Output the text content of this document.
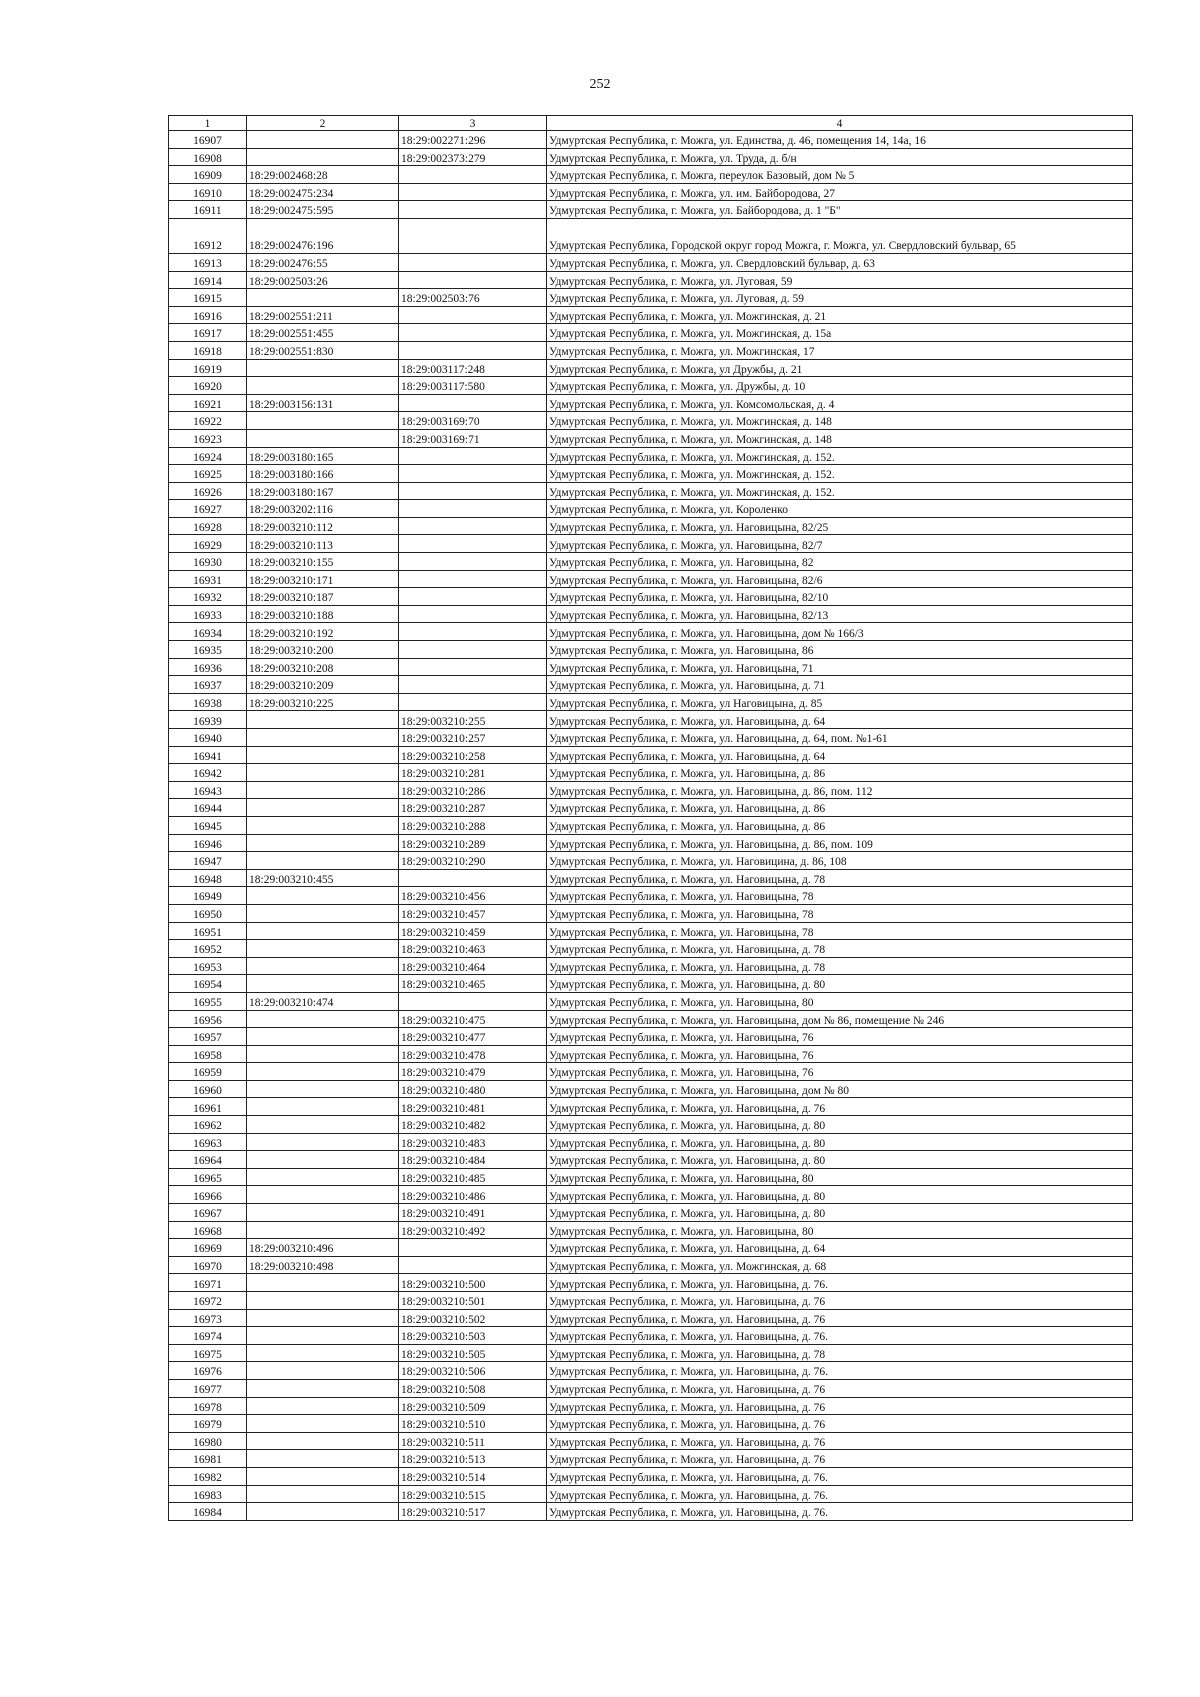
252
1	2	3	4
16907		18:29:002271:296	Удмуртская Республика, г. Можга, ул. Единства, д. 46, помещения 14, 14а, 16
16908		18:29:002373:279	Удмуртская Республика, г. Можга, ул. Труда, д. б/н
16909	18:29:002468:28		Удмуртская Республика, г. Можга, переулок Базовый, дом № 5
16910	18:29:002475:234		Удмуртская Республика, г. Можга, ул. им. Байбородова, 27
16911	18:29:002475:595		Удмуртская Республика, г. Можга, ул. Байбородова, д. 1 "Б"
16912	18:29:002476:196		Удмуртская Республика, Городской округ город Можга, г. Можга, ул. Свердловский бульвар, 65
16913	18:29:002476:55		Удмуртская Республика, г. Можга, ул. Свердловский бульвар, д. 63
16914	18:29:002503:26		Удмуртская Республика, г. Можга, ул. Луговая, 59
16915		18:29:002503:76	Удмуртская Республика, г. Можга, ул. Луговая, д. 59
16916	18:29:002551:211		Удмуртская Республика, г. Можга, ул. Можгинская, д. 21
16917	18:29:002551:455		Удмуртская Республика, г. Можга, ул. Можгинская, д. 15а
16918	18:29:002551:830		Удмуртская Республика, г. Можга, ул. Можгинская, 17
16919		18:29:003117:248	Удмуртская Республика, г. Можга, ул Дружбы, д. 21
16920		18:29:003117:580	Удмуртская Республика, г. Можга, ул. Дружбы, д. 10
16921	18:29:003156:131		Удмуртская Республика, г. Можга, ул. Комсомольская, д. 4
16922		18:29:003169:70	Удмуртская Республика, г. Можга, ул. Можгинская, д. 148
16923		18:29:003169:71	Удмуртская Республика, г. Можга, ул. Можгинская, д. 148
16924	18:29:003180:165		Удмуртская Республика, г. Можга, ул. Можгинская, д. 152.
16925	18:29:003180:166		Удмуртская Республика, г. Можга, ул. Можгинская, д. 152.
16926	18:29:003180:167		Удмуртская Республика, г. Можга, ул. Можгинская, д. 152.
16927	18:29:003202:116		Удмуртская Республика, г. Можга, ул. Короленко
16928	18:29:003210:112		Удмуртская Республика, г. Можга, ул. Наговицына, 82/25
16929	18:29:003210:113		Удмуртская Республика, г. Можга, ул. Наговицына, 82/7
16930	18:29:003210:155		Удмуртская Республика, г. Можга, ул. Наговицына, 82
16931	18:29:003210:171		Удмуртская Республика, г. Можга, ул. Наговицына, 82/6
16932	18:29:003210:187		Удмуртская Республика, г. Можга, ул. Наговицына, 82/10
16933	18:29:003210:188		Удмуртская Республика, г. Можга, ул. Наговицына, 82/13
16934	18:29:003210:192		Удмуртская Республика, г. Можга, ул. Наговицына, дом № 166/3
16935	18:29:003210:200		Удмуртская Республика, г. Можга, ул. Наговицына, 86
16936	18:29:003210:208		Удмуртская Республика, г. Можга, ул. Наговицына, 71
16937	18:29:003210:209		Удмуртская Республика, г. Можга, ул. Наговицына, д. 71
16938	18:29:003210:225		Удмуртская Республика, г. Можга, ул Наговицына, д. 85
16939		18:29:003210:255	Удмуртская Республика, г. Можга, ул. Наговицына, д. 64
16940		18:29:003210:257	Удмуртская Республика, г. Можга, ул. Наговицына, д. 64, пом. №1-61
16941		18:29:003210:258	Удмуртская Республика, г. Можга, ул. Наговицына, д. 64
16942		18:29:003210:281	Удмуртская Республика, г. Можга, ул. Наговицына, д. 86
16943		18:29:003210:286	Удмуртская Республика, г. Можга, ул. Наговицына, д. 86, пом. 112
16944		18:29:003210:287	Удмуртская Республика, г. Можга, ул. Наговицына, д. 86
16945		18:29:003210:288	Удмуртская Республика, г. Можга, ул. Наговицына, д. 86
16946		18:29:003210:289	Удмуртская Республика, г. Можга, ул. Наговицына, д. 86, пом. 109
16947		18:29:003210:290	Удмуртская Республика, г. Можга, ул. Наговицина, д. 86, 108
16948	18:29:003210:455		Удмуртская Республика, г. Можга, ул. Наговицына, д. 78
16949		18:29:003210:456	Удмуртская Республика, г. Можга, ул. Наговицына, 78
16950		18:29:003210:457	Удмуртская Республика, г. Можга, ул. Наговицына, 78
16951		18:29:003210:459	Удмуртская Республика, г. Можга, ул. Наговицына, 78
16952		18:29:003210:463	Удмуртская Республика, г. Можга, ул. Наговицына, д. 78
16953		18:29:003210:464	Удмуртская Республика, г. Можга, ул. Наговицына, д. 78
16954		18:29:003210:465	Удмуртская Республика, г. Можга, ул. Наговицына, д. 80
16955	18:29:003210:474		Удмуртская Республика, г. Можга, ул. Наговицына, 80
16956		18:29:003210:475	Удмуртская Республика, г. Можга, ул. Наговицына, дом № 86, помещение № 246
16957		18:29:003210:477	Удмуртская Республика, г. Можга, ул. Наговицына, 76
16958		18:29:003210:478	Удмуртская Республика, г. Можга, ул. Наговицына, 76
16959		18:29:003210:479	Удмуртская Республика, г. Можга, ул. Наговицына, 76
16960		18:29:003210:480	Удмуртская Республика, г. Можга, ул. Наговицына, дом № 80
16961		18:29:003210:481	Удмуртская Республика, г. Можга, ул. Наговицына, д. 76
16962		18:29:003210:482	Удмуртская Республика, г. Можга, ул. Наговицына, д. 80
16963		18:29:003210:483	Удмуртская Республика, г. Можга, ул. Наговицына, д. 80
16964		18:29:003210:484	Удмуртская Республика, г. Можга, ул. Наговицына, д. 80
16965		18:29:003210:485	Удмуртская Республика, г. Можга, ул. Наговицына, 80
16966		18:29:003210:486	Удмуртская Республика, г. Можга, ул. Наговицына, д. 80
16967		18:29:003210:491	Удмуртская Республика, г. Можга, ул. Наговицына, д. 80
16968		18:29:003210:492	Удмуртская Республика, г. Можга, ул. Наговицына, 80
16969	18:29:003210:496		Удмуртская Республика, г. Можга, ул. Наговицына, д. 64
16970	18:29:003210:498		Удмуртская Республика, г. Можга, ул. Можгинская, д. 68
16971		18:29:003210:500	Удмуртская Республика, г. Можга, ул. Наговицына, д. 76.
16972		18:29:003210:501	Удмуртская Республика, г. Можга, ул. Наговицына, д. 76
16973		18:29:003210:502	Удмуртская Республика, г. Можга, ул. Наговицына, д. 76
16974		18:29:003210:503	Удмуртская Республика, г. Можга, ул. Наговицына, д. 76.
16975		18:29:003210:505	Удмуртская Республика, г. Можга, ул. Наговицына, д. 78
16976		18:29:003210:506	Удмуртская Республика, г. Можга, ул. Наговицына, д. 76.
16977		18:29:003210:508	Удмуртская Республика, г. Можга, ул. Наговицына, д. 76
16978		18:29:003210:509	Удмуртская Республика, г. Можга, ул. Наговицына, д. 76
16979		18:29:003210:510	Удмуртская Республика, г. Можга, ул. Наговицына, д. 76
16980		18:29:003210:511	Удмуртская Республика, г. Можга, ул. Наговицына, д. 76
16981		18:29:003210:513	Удмуртская Республика, г. Можга, ул. Наговицына, д. 76
16982		18:29:003210:514	Удмуртская Республика, г. Можга, ул. Наговицына, д. 76.
16983		18:29:003210:515	Удмуртская Республика, г. Можга, ул. Наговицына, д. 76.
16984		18:29:003210:517	Удмуртская Республика, г. Можга, ул. Наговицына, д. 76.
